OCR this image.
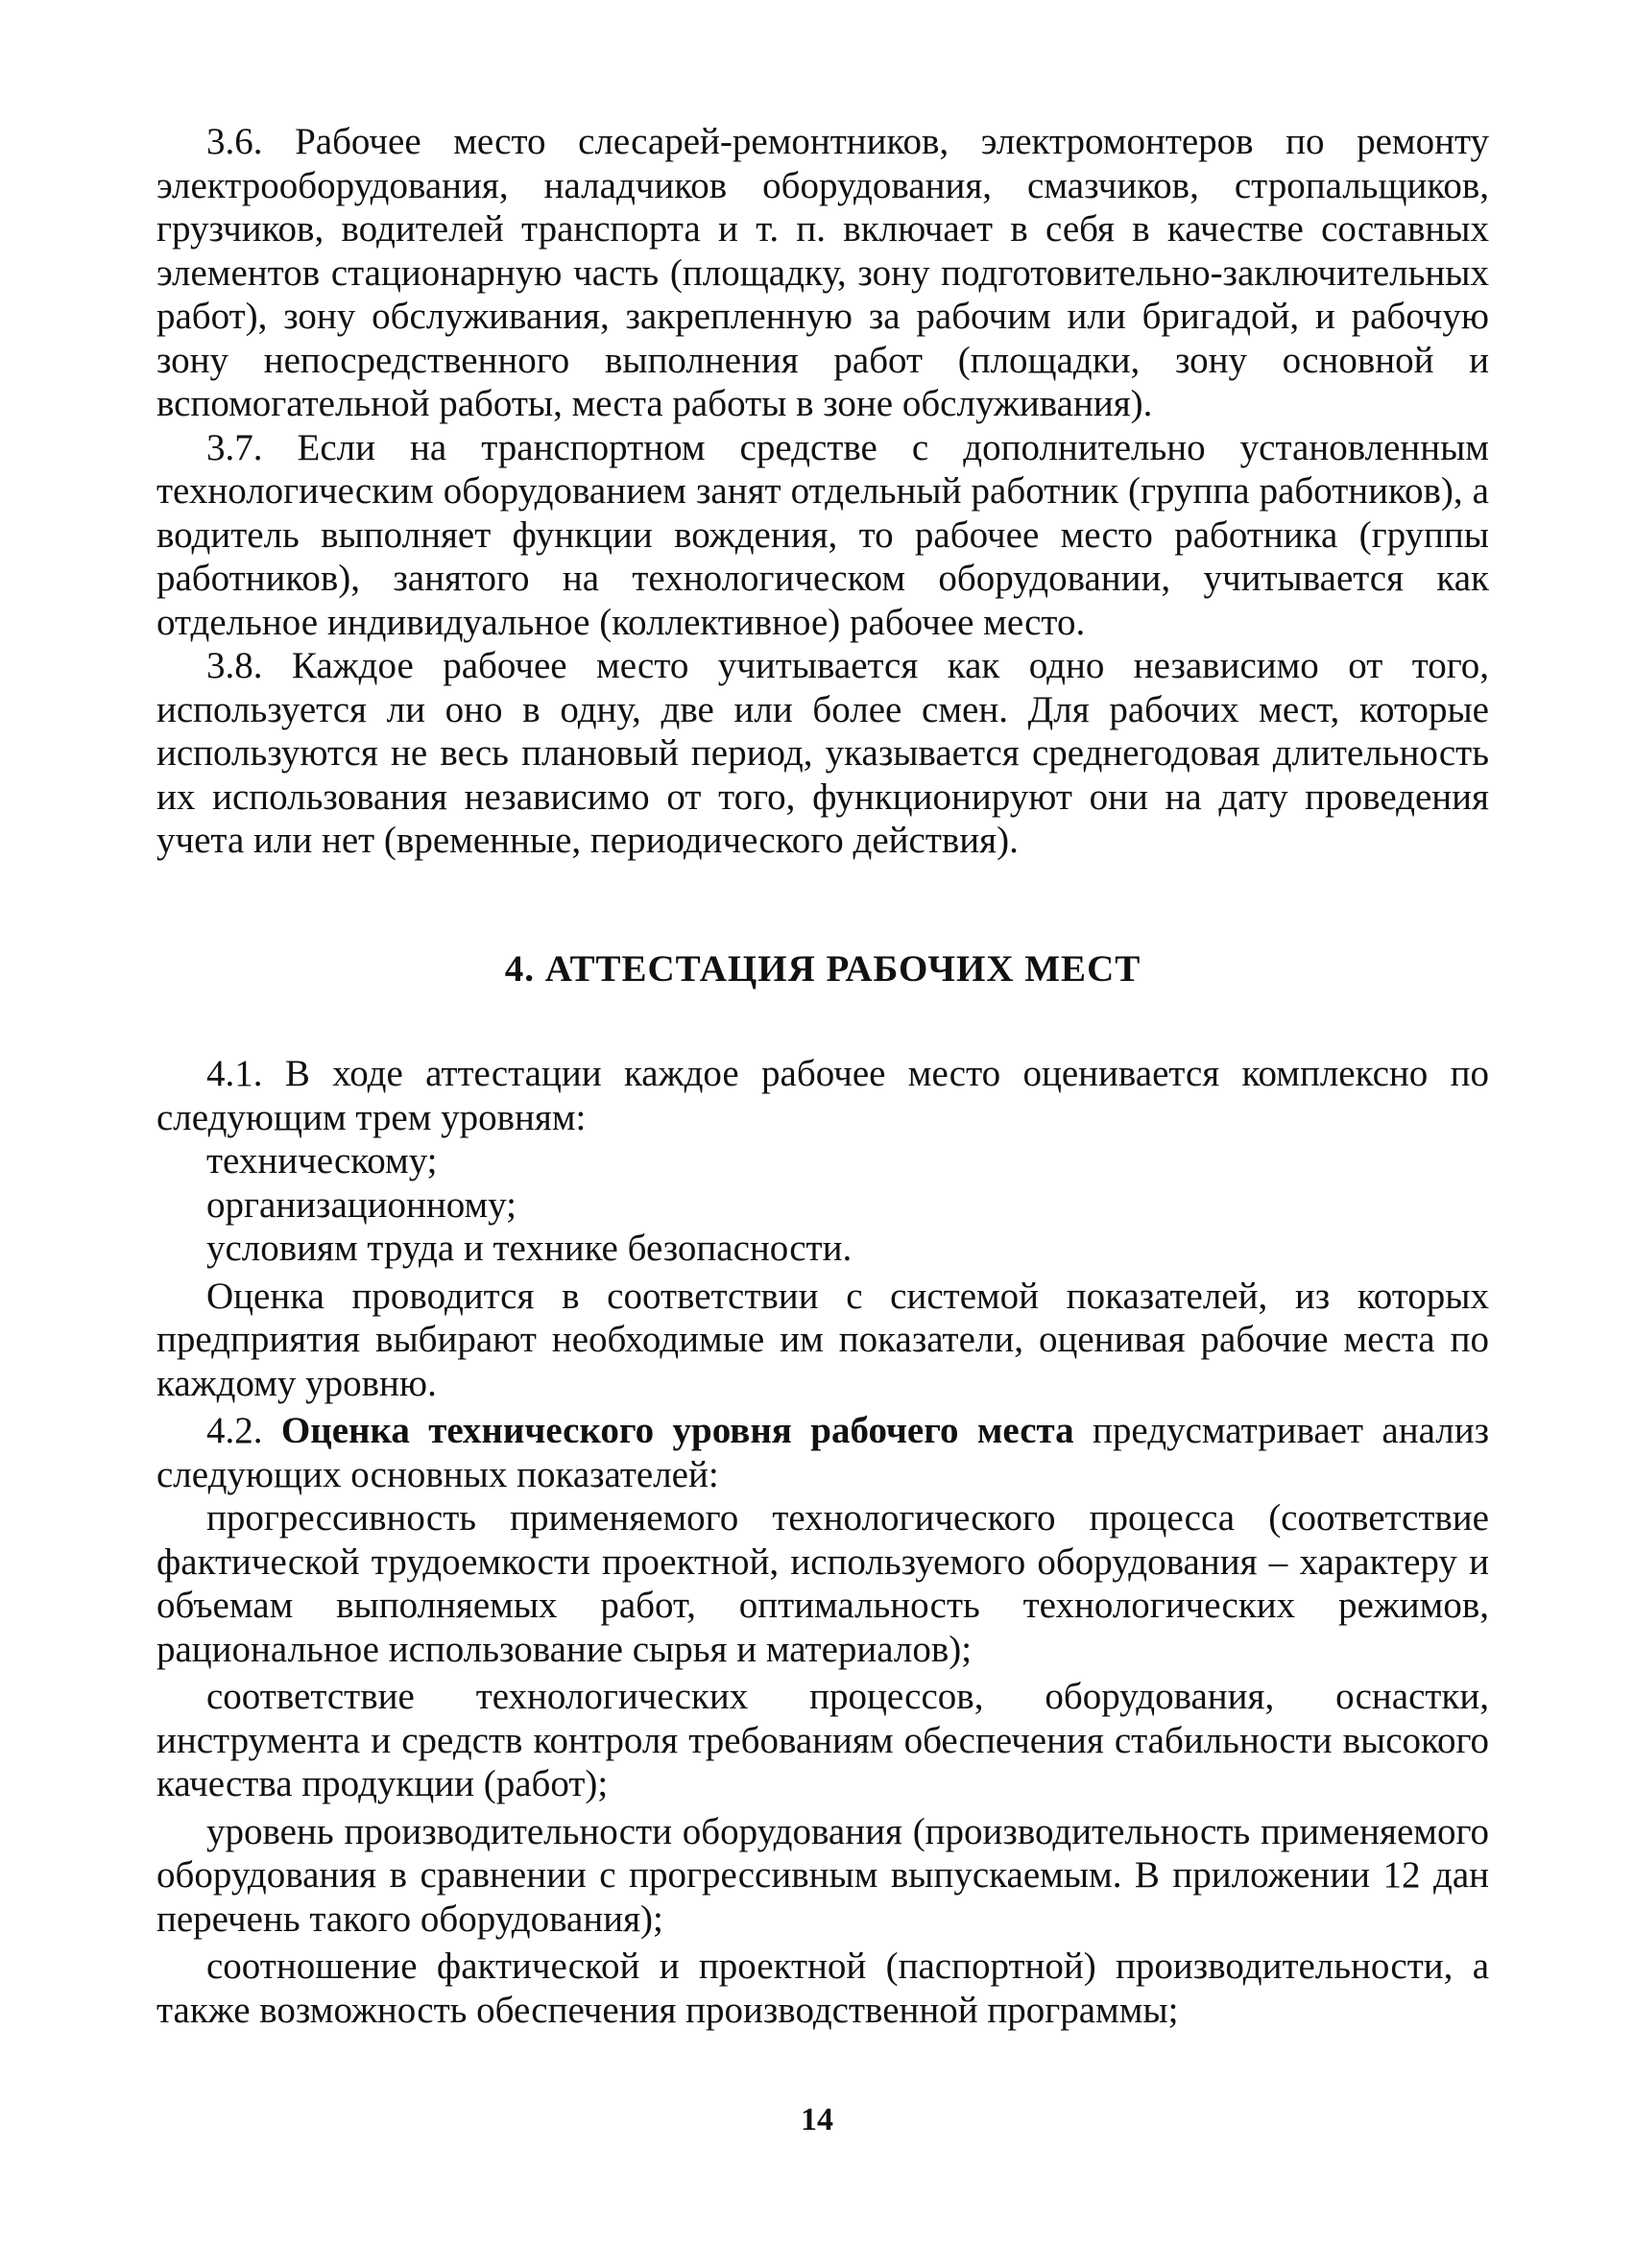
3.6. Рабочее место слесарей-ремонтников, электромонтеров по ремонту электрооборудования, наладчиков оборудования, смазчиков, стропальщиков, грузчиков, водителей транспорта и т. п. включает в себя в качестве составных элементов стационарную часть (площадку, зону подготовительно-заключительных работ), зону обслуживания, закрепленную за рабочим или бригадой, и рабочую зону непосредственного выполнения работ (площадки, зону основной и вспомогательной работы, места работы в зоне обслуживания).

3.7. Если на транспортном средстве с дополнительно установленным технологическим оборудованием занят отдельный работник (группа работников), а водитель выполняет функции вождения, то рабочее место работника (группы работников), занятого на технологическом оборудовании, учитывается как отдельное индивидуальное (коллективное) рабочее место.

3.8. Каждое рабочее место учитывается как одно независимо от того, используется ли оно в одну, две или более смен. Для рабочих мест, которые используются не весь плановый период, указывается среднегодовая длительность их использования независимо от того, функционируют они на дату проведения учета или нет (временные, периодического действия).

4. АТТЕСТАЦИЯ РАБОЧИХ МЕСТ

4.1. В ходе аттестации каждое рабочее место оценивается комплексно по следующим трем уровням:

техническому;

организационному;

условиям труда и технике безопасности.

Оценка проводится в соответствии с системой показателей, из которых предприятия выбирают необходимые им показатели, оценивая рабочие места по каждому уровню.

4.2. Оценка технического уровня рабочего места предусматривает анализ следующих основных показателей:

прогрессивность применяемого технологического процесса (соответствие фактической трудоемкости проектной, используемого оборудования – характеру и объемам выполняемых работ, оптимальность технологических режимов, рациональное использование сырья и материалов);

соответствие технологических процессов, оборудования, оснастки, инструмента и средств контроля требованиям обеспечения стабильности высокого качества продукции (работ);

уровень производительности оборудования (производительность применяемого оборудования в сравнении с прогрессивным выпускаемым. В приложении 12 дан перечень такого оборудования);

соотношение фактической и проектной (паспортной) производительности, а также возможность обеспечения производственной программы;

14
